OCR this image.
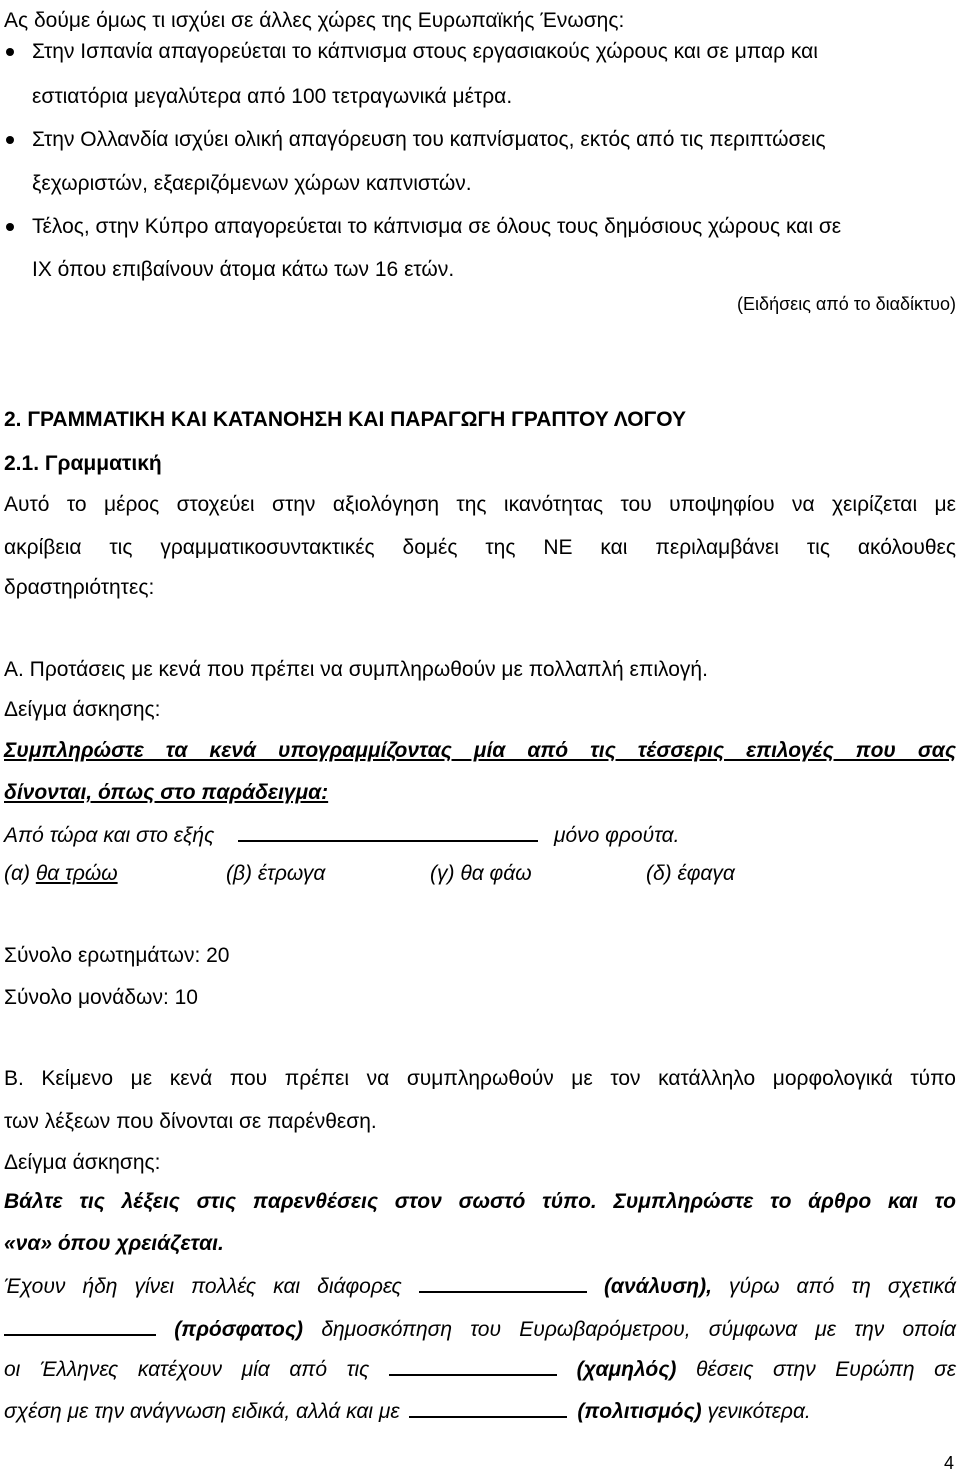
Ας δούμε όμως τι ισχύει σε άλλες χώρες της Ευρωπαϊκής Ένωσης:
Στην Ισπανία απαγορεύεται το κάπνισμα στους εργασιακούς χώρους και σε μπαρ και
εστιατόρια μεγαλύτερα από 100 τετραγωνικά μέτρα.
Στην Ολλανδία ισχύει ολική απαγόρευση του καπνίσματος, εκτός από τις περιπτώσεις
ξεχωριστών, εξαεριζόμενων χώρων καπνιστών.
Τέλος, στην Κύπρο απαγορεύεται το κάπνισμα σε όλους τους δημόσιους χώρους και σε
ΙΧ όπου επιβαίνουν άτομα κάτω των 16 ετών.
(Ειδήσεις από το διαδίκτυο)
2. ΓΡΑΜΜΑΤΙΚΗ ΚΑΙ ΚΑΤΑΝΟΗΣΗ ΚΑΙ ΠΑΡΑΓΩΓΗ ΓΡΑΠΤΟΥ ΛΟΓΟΥ
2.1. Γραμματική
Αυτό το μέρος στοχεύει στην αξιολόγηση της ικανότητας του υποψηφίου να χειρίζεται με
ακρίβεια τις γραμματικοσυντακτικές δομές της ΝΕ και περιλαμβάνει τις ακόλουθες
δραστηριότητες:
Α. Προτάσεις με κενά που πρέπει να συμπληρωθούν με πολλαπλή επιλογή.
Δείγμα άσκησης:
Συμπληρώστε τα κενά υπογραμμίζοντας μία από τις τέσσερις επιλογές που σας
δίνονται, όπως στο παράδειγμα:
Από τώρα και στο εξής	μόνο φρούτα.
(α) θα τρώω	(β) έτρωγα	(γ) θα φάω	(δ) έφαγα
Σύνολο ερωτημάτων: 20
Σύνολο μονάδων: 10
Β. Κείμενο με κενά που πρέπει να συμπληρωθούν με τον κατάλληλο μορφολογικά τύπο
των λέξεων που δίνονται σε παρένθεση.
Δείγμα άσκησης:
Βάλτε τις λέξεις στις παρενθέσεις στον σωστό τύπο. Συμπληρώστε το άρθρο και το
«να» όπου χρειάζεται.
Έχουν ήδη γίνει πολλές και διάφορες	(ανάλυση), γύρω από τη σχετικά
(πρόσφατος) δημοσκόπηση του Ευρωβαρόμετρου, σύμφωνα με την οποία
οι Έλληνες κατέχουν μία από τις	(χαμηλός) θέσεις στην Ευρώπη σε
σχέση με την ανάγνωση ειδικά, αλλά και με	(πολιτισμός) γενικότερα.
4
